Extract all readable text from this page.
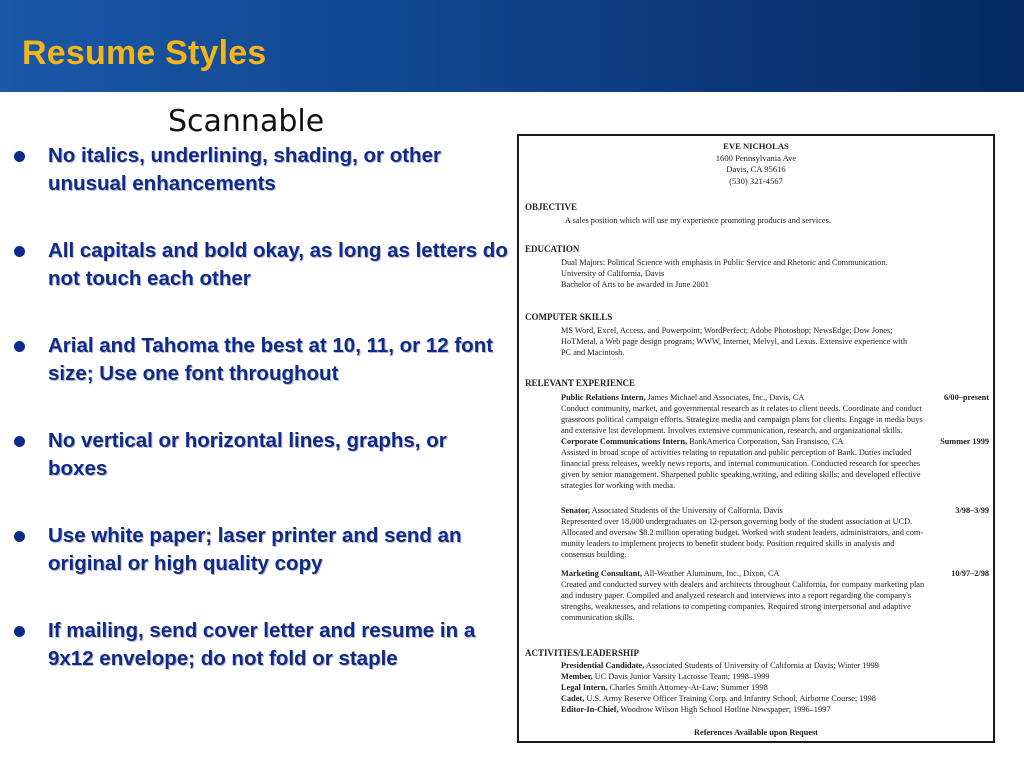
Resume Styles
Scannable
No italics, underlining, shading, or other unusual enhancements
All capitals and bold okay, as long as letters do not touch each other
Arial and Tahoma the best at 10, 11, or 12 font size; Use one font throughout
No vertical or horizontal lines, graphs, or boxes
Use white paper; laser printer and send an original or high quality copy
If mailing, send cover letter and resume in a 9x12 envelope; do not fold or staple
EVE NICHOLAS
1600 Pennsylvania Ave
Davis, CA 95616
(530) 321-4567
OBJECTIVE
A sales position which will use my experience promoting products and services.
EDUCATION
Dual Majors: Political Science with emphasis in Public Service and Rhetoric and Communication.
University of California, Davis
Bachelor of Arts to be awarded in June 2001
COMPUTER SKILLS
MS Word, Excel, Access, and Powerpoint; WordPerfect; Adobe Photoshop; NewsEdge; Dow Jones;
HoTMetal, a Web page design program; WWW, Internet, Melvyl, and Lexus. Extensive experience with
PC and Macintosh.
RELEVANT EXPERIENCE
Public Relations Intern, James Michael and Associates, Inc., Davis, CA	6/00–present
Conduct community, market, and governmental research as it relates to client needs. Coordinate and conduct
grassroots political campaign efforts. Strategize media and campaign plans for clients. Engage in media buys
and extensive list development. Involves extensive communication, research, and organizational skills.
Corporate Communications Intern, BankAmerica Corporation, San Fransisco, CA	Summer 1999
Assisted in broad scope of activities relating to reputation and public perception of Bank. Duties included
financial press releases, weekly news reports, and internal communication. Conducted research for speeches
given by senior management. Sharpened public speaking,writing, and editing skills; and developed effective
strategies for working with media.
Senator, Associated Students of the University of Calfornia, Davis	3/98–3/99
Represented over 18,000 undergraduates on 12-person governing body of the student association at UCD.
Allocated and oversaw $8.2 million operating budget. Worked with student leaders, administrators, and com-
munity leaders to implement projects to benefit student body. Position required skills in analysis and
consensus building.
Marketing Consultant, All-Weather Aluminum, Inc., Dixon, CA	10/97–2/98
Created and conducted survey with dealers and architects throughout California, for company marketing plan
and industry paper. Compiled and analyzed research and interviews into a report regarding the company's
strengths, weaknesses, and relations to competing companies. Required strong interpersonal and adaptive
communication skills.
ACTIVITIES/LEADERSHIP
Presidential Candidate, Associated Students of University of California at Davis; Winter 1999
Member, UC Davis Junior Varsity Lacrosse Team; 1998–1999
Legal Intern, Charles Smith Attorney-At-Law; Summer 1998
Cadet, U.S. Army Reserve Officer Training Corp. and Infantry School, Airborne Course; 1998
Editor-In-Chief, Woodrow Wilson High School Hotline Newspaper; 1996–1997
References Available upon Request
